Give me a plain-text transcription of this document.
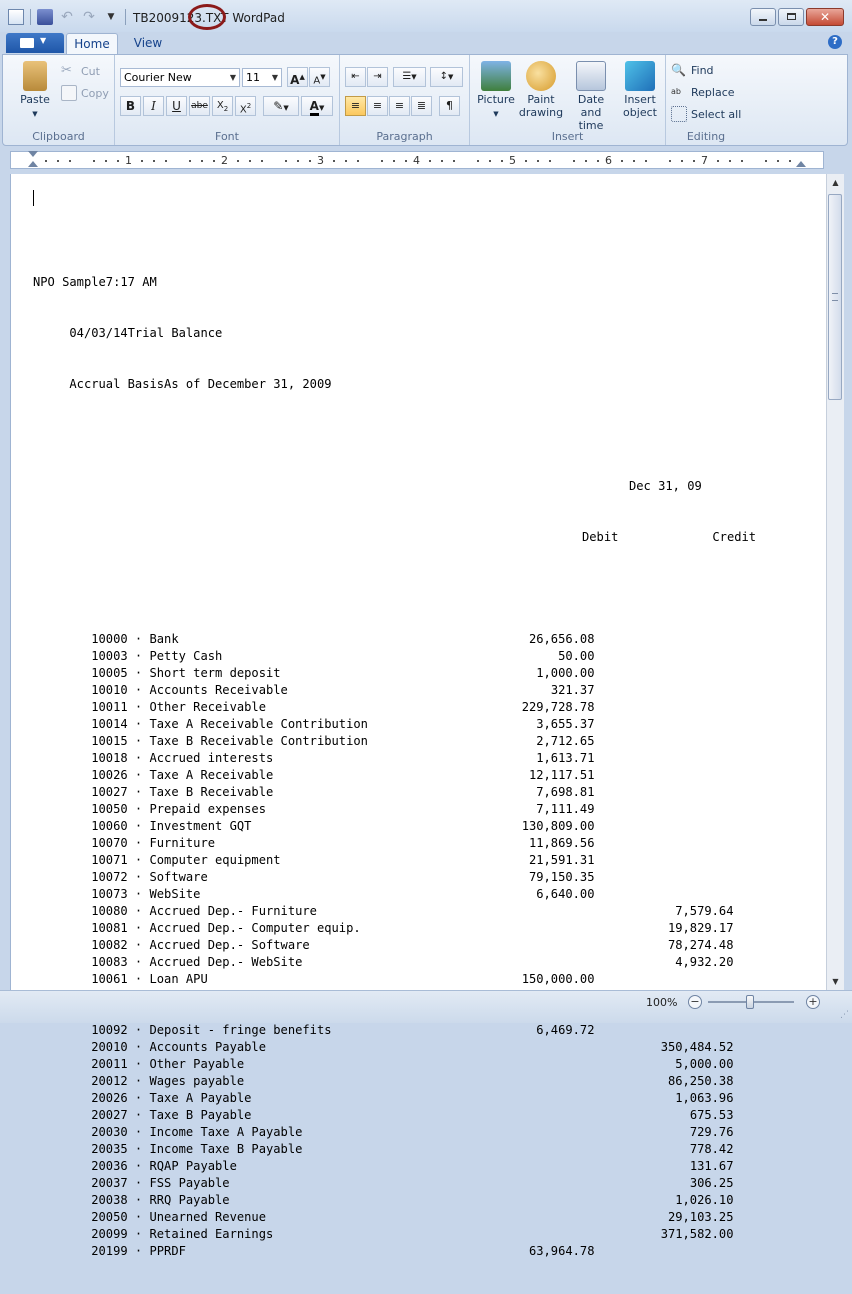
↶ ↷	▼	TB2009123.TXT WordPad	✕
▼	Home	View	?
Paste
▼
✂ Cut
Copy
Clipboard
Courier New	▼ 11 ▼ A▲ A▼
B	I	U	abe $X_2$	$X^2$	✎▼	A▼
Font
⇤	⇥	☰▼	↕▼
≡	≡	≡	≣	¶
Paragraph
Picture
▼
Paint
drawing
Date and
time
Insert
object
Insert
🔍 Find
ab Replace
Select all
Editing
1	2	3	4	5	6	7

NPO Sample7:17 AM

04/03/14Trial Balance

Accrual BasisAs of December 31, 2009

Dec 31, 09

Debit	Credit

10000 · Bank	26,656.08
10003 · Petty Cash	50.00
10005 · Short term deposit	1,000.00
10010 · Accounts Receivable	321.37
10011 · Other Receivable	229,728.78
10014 · Taxe A Receivable Contribution	3,655.37
10015 · Taxe B Receivable Contribution	2,712.65
10018 · Accrued interests	1,613.71
10026 · Taxe A Receivable	12,117.51
10027 · Taxe B Receivable	7,698.81
10050 · Prepaid expenses	7,111.49
10060 · Investment GQT	130,809.00
10070 · Furniture	11,869.56
10071 · Computer equipment	21,591.31
10072 · Software	79,150.35
10073 · WebSite	6,640.00
10080 · Accrued Dep.- Furniture	7,579.64
10081 · Accrued Dep.- Computer equip.	19,829.17
10082 · Accrued Dep.- Software	78,274.48
10083 · Accrued Dep.- WebSite	4,932.20
10061 · Loan APU	150,000.00

10092 · Deposit - fringe benefits	6,469.72
20010 · Accounts Payable	350,484.52
20011 · Other Payable	5,000.00
20012 · Wages payable	86,250.38
20026 · Taxe A Payable	1,063.96
20027 · Taxe B Payable	675.53
20030 · Income Taxe A Payable	729.76
20035 · Income Taxe B Payable	778.42
20036 · RQAP Payable	131.67
20037 · FSS Payable	306.25
20038 · RRQ Payable	1,026.10
20050 · Unearned Revenue	29,103.25
20099 · Retained Earnings	371,582.00
20199 · PPRDF	63,964.78

▲
▼
100% −	+
⋰
